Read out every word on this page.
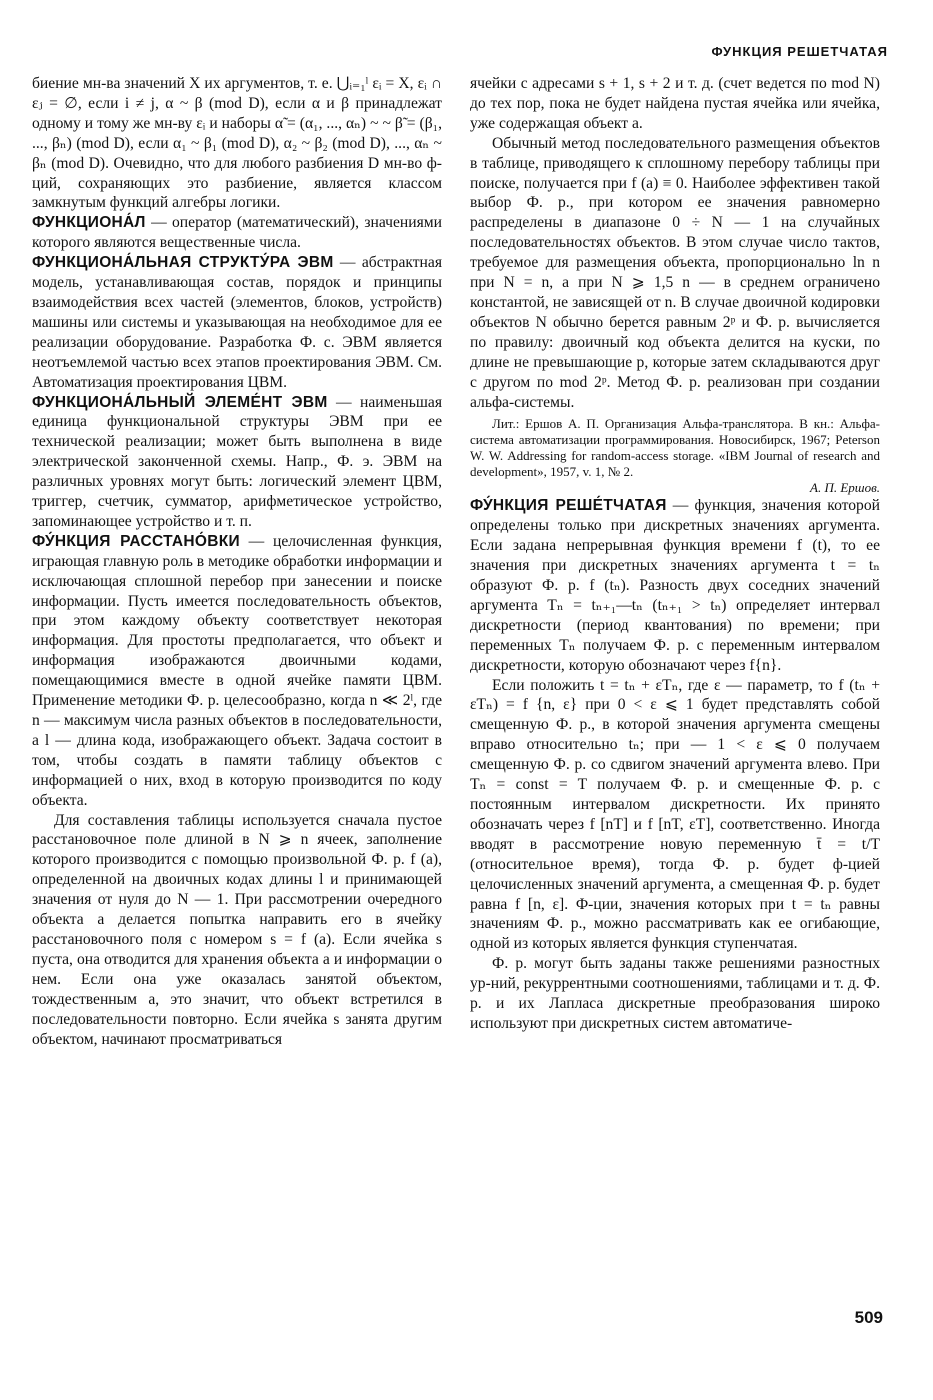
ФУНКЦИЯ РЕШЕТЧАТАЯ

биение мн-ва значений X их аргументов, т. е. ⋃ᵢ₌₁ˡ εᵢ = X, εᵢ ∩ εⱼ = ∅, если i ≠ j, α ~ β (mod D), если α и β принадлежат одному и тому же мн-ву εᵢ и наборы α̃ = (α₁, ..., αₙ) ~ ~ β̃ = (β₁, ..., βₙ) (mod D), если α₁ ~ β₁ (mod D), α₂ ~ β₂ (mod D), ..., αₙ ~ βₙ (mod D). Очевидно, что для любого разбиения D мн-во ф-ций, сохраняющих это разбиение, является классом замкнутым функций алгебры логики.

ФУНКЦИОНА́Л — оператор (математический), значениями которого являются вещественные числа.

ФУНКЦИОНА́ЛЬНАЯ СТРУКТУ́РА ЭВМ — абстрактная модель, устанавливающая состав, порядок и принципы взаимодействия всех частей (элементов, блоков, устройств) машины или системы и указывающая на необходимое для ее реализации оборудование. Разработка Ф. с. ЭВМ является неотъемлемой частью всех этапов проектирования ЭВМ. См. Автоматизация проектирования ЦВМ.

ФУНКЦИОНА́ЛЬНЫЙ ЭЛЕМЕ́НТ ЭВМ — наименьшая единица функциональной структуры ЭВМ при ее технической реализации; может быть выполнена в виде электрической законченной схемы. Напр., Ф. э. ЭВМ на различных уровнях могут быть: логический элемент ЦВМ, триггер, счетчик, сумматор, арифметическое устройство, запоминающее устройство и т. п.

ФУ́НКЦИЯ РАССТАНО́ВКИ — целочисленная функция, играющая главную роль в методике обработки информации и исключающая сплошной перебор при занесении и поиске информации. Пусть имеется последовательность объектов, при этом каждому объекту соответствует некоторая информация. Для простоты предполагается, что объект и информация изображаются двоичными кодами, помещающимися вместе в одной ячейке памяти ЦВМ. Применение методики Ф. р. целесообразно, когда n ≪ 2ˡ, где n — максимум числа разных объектов в последовательности, а l — длина кода, изображающего объект. Задача состоит в том, чтобы создать в памяти таблицу объектов с информацией о них, вход в которую производится по коду объекта.

Для составления таблицы используется сначала пустое расстановочное поле длиной в N ⩾ n ячеек, заполнение которого производится с помощью произвольной Ф. р. f (a), определенной на двоичных кодах длины l и принимающей значения от нуля до N — 1. При рассмотрении очередного объекта a делается попытка направить его в ячейку расстановочного поля с номером s = f (a). Если ячейка s пуста, она отводится для хранения объекта a и информации о нем. Если она уже оказалась занятой объектом, тождественным a, это значит, что объект встретился в последовательности повторно. Если ячейка s занята другим объектом, начинают просматриваться

ячейки с адресами s + 1, s + 2 и т. д. (счет ведется по mod N) до тех пор, пока не будет найдена пустая ячейка или ячейка, уже содержащая объект a.

Обычный метод последовательного размещения объектов в таблице, приводящего к сплошному перебору таблицы при поиске, получается при f (a) ≡ 0. Наиболее эффективен такой выбор Ф. р., при котором ее значения равномерно распределены в диапазоне 0 ÷ N — 1 на случайных последовательностях объектов. В этом случае число тактов, требуемое для размещения объекта, пропорционально ln n при N = n, а при N ⩾ 1,5 n — в среднем ограничено константой, не зависящей от n. В случае двоичной кодировки объектов N обычно берется равным 2ᵖ и Ф. р. вычисляется по правилу: двоичный код объекта делится на куски, по длине не превышающие p, которые затем складываются друг с другом по mod 2ᵖ. Метод Ф. р. реализован при создании альфа-системы.

Лит.: Ершов А. П. Организация Альфа-транслятора. В кн.: Альфа-система автоматизации программирования. Новосибирск, 1967; Peterson W. W. Addressing for random-access storage. «IBM Journal of research and development», 1957, v. 1, № 2.

А. П. Ершов.

ФУ́НКЦИЯ РЕШЕ́ТЧАТАЯ — функция, значения которой определены только при дискретных значениях аргумента. Если задана непрерывная функция времени f (t), то ее значения при дискретных значениях аргумента t = tₙ образуют Ф. р. f (tₙ). Разность двух соседних значений аргумента Tₙ = tₙ₊₁—tₙ (tₙ₊₁ > tₙ) определяет интервал дискретности (период квантования) по времени; при переменных Tₙ получаем Ф. р. с переменным интервалом дискретности, которую обозначают через f{n}.

Если положить t = tₙ + εTₙ, где ε — параметр, то f (tₙ + εTₙ) = f {n, ε} при 0 < ε ⩽ 1 будет представлять собой смещенную Ф. р., в которой значения аргумента смещены вправо относительно tₙ; при — 1 < ε ⩽ 0 получаем смещенную Ф. р. со сдвигом значений аргумента влево. При Tₙ = const = T получаем Ф. р. и смещенные Ф. р. с постоянным интервалом дискретности. Их принято обозначать через f [nT] и f [nT, εT], соответственно. Иногда вводят в рассмотрение новую переменную t̄ = t/T (относительное время), тогда Ф. р. будет ф-цией целочисленных значений аргумента, а смещенная Ф. р. будет равна f [n, ε]. Ф-ции, значения которых при t = tₙ равны значениям Ф. р., можно рассматривать как ее огибающие, одной из которых является функция ступенчатая.

Ф. р. могут быть заданы также решениями разностных ур-ний, рекуррентными соотношениями, таблицами и т. д. Ф. р. и их Лапласа дискретные преобразования широко используют при дискретных систем автоматиче-

509
